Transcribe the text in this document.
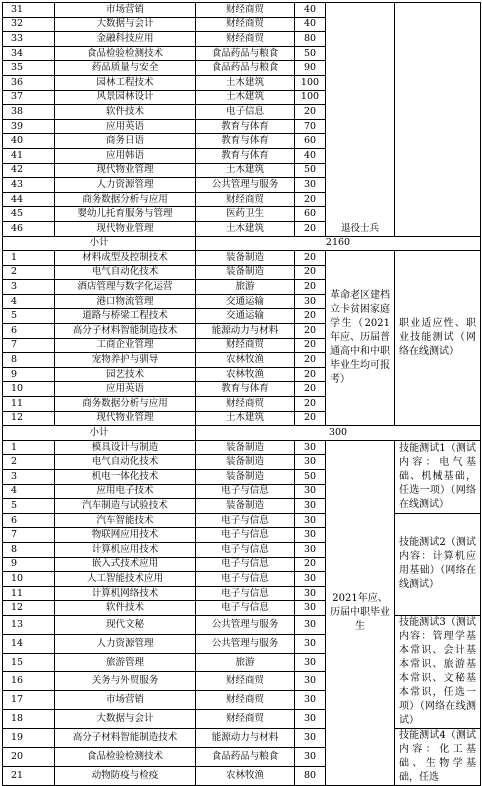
31	市场营销	财经商贸	40	退役士兵	
32	大数据与会计	财经商贸	40		
33	金融科技应用	财经商贸	80		
34	食品检验检测技术	食品药品与粮食	50		
35	药品质量与安全	食品药品与粮食	90		
36	园林工程技术	土木建筑	100		
37	风景园林设计	土木建筑	100		
38	软件技术	电子信息	20		
39	应用英语	教育与体育	70		
40	商务日语	教育与体育	60		
41	应用韩语	教育与体育	40		
42	现代物业管理	土木建筑	50		
43	人力资源管理	公共管理与服务	30		
44	商务数据分析与应用	财经商贸	20		
45	婴幼儿托育服务与管理	医药卫生	60		
46	现代物业管理	土木建筑	20		
小计		2160			
1	材料成型及控制技术	装备制造	20	革命老区建档立卡贫困家庭学生（2021年应、历届普通高中和中职毕业生均可报考）	职业适应性、职业技能测试（网络在线测试）
2	电气自动化技术	装备制造	20		
3	酒店管理与数字化运营	旅游	20		
4	港口物流管理	交通运输	30		
5	道路与桥梁工程技术	交通运输	20		
6	高分子材料智能制造技术	能源动力与材料	20		
7	工商企业管理	财经商贸	20		
8	宠物养护与驯导	农林牧渔	20		
9	园艺技术	农林牧渔	20		
10	应用英语	教育与体育	20		
11	商务数据分析与应用	财经商贸	20		
12	现代物业管理	土木建筑	20		
小计		300			
1	模具设计与制造	装备制造	30	2021年应、历届中职毕业生	技能测试1（测试内容：电气基础、机械基础，任选一项）（网络在线测试）
2	电气自动化技术	装备制造	30		
3	机电一体化技术	装备制造	50		
4	应用电子技术	电子与信息	30		
5	汽车制造与试验技术	装备制造	30		
6	汽车智能技术	电子与信息	30		技能测试2（测试内容：计算机应用基础）（网络在线测试）
7	物联网应用技术	电子与信息	30		
8	计算机应用技术	电子与信息	30		
9	嵌入式技术应用	电子与信息	20		
10	人工智能技术应用	电子与信息	30		
11	计算机网络技术	电子与信息	30		
12	软件技术	电子与信息	30		
13	现代文秘	公共管理与服务	30		技能测试3（测试内容：管理学基本常识、会计基本常识、旅游基本常识、文秘基本常识，任选一项）（网络在线测试）
14	人力资源管理	公共管理与服务	30		
15	旅游管理	旅游	30		
16	关务与外贸服务	财经商贸	30		
17	市场营销	财经商贸	30		
18	大数据与会计	财经商贸	30		
19	高分子材料智能制造技术	能源动力与材料	30		技能测试4（测试内容：化工基础、生物学基础，任选
20	食品检验检测技术	食品药品与粮食	30		
21	动物防疫与检疫	农林牧渔	80		
